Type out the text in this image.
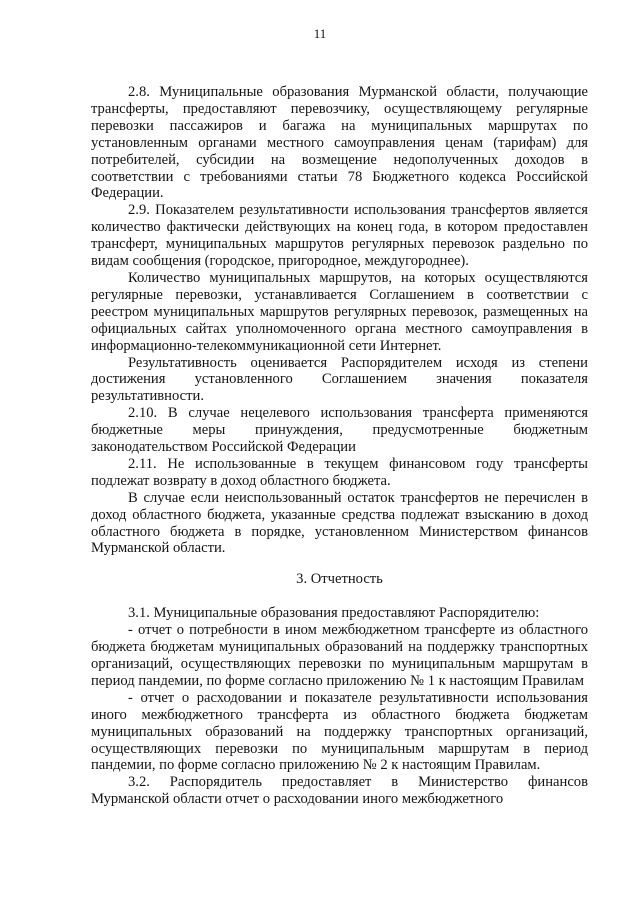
11

2.8. Муниципальные образования Мурманской области, получающие трансферты, предоставляют перевозчику, осуществляющему регулярные перевозки пассажиров и багажа на муниципальных маршрутах по установленным органами местного самоуправления ценам (тарифам) для потребителей, субсидии на возмещение недополученных доходов в соответствии с требованиями статьи 78 Бюджетного кодекса Российской Федерации.

2.9. Показателем результативности использования трансфертов является количество фактически действующих на конец года, в котором предоставлен трансферт, муниципальных маршрутов регулярных перевозок раздельно по видам сообщения (городское, пригородное, междугороднее).

Количество муниципальных маршрутов, на которых осуществляются регулярные перевозки, устанавливается Соглашением в соответствии с реестром муниципальных маршрутов регулярных перевозок, размещенных на официальных сайтах уполномоченного органа местного самоуправления в информационно-телекоммуникационной сети Интернет.

Результативность оценивается Распорядителем исходя из степени достижения установленного Соглашением значения показателя результативности.

2.10. В случае нецелевого использования трансферта применяются бюджетные меры принуждения, предусмотренные бюджетным законодательством Российской Федерации

2.11. Не использованные в текущем финансовом году трансферты подлежат возврату в доход областного бюджета.

В случае если неиспользованный остаток трансфертов не перечислен в доход областного бюджета, указанные средства подлежат взысканию в доход областного бюджета в порядке, установленном Министерством финансов Мурманской области.

3. Отчетность

3.1. Муниципальные образования предоставляют Распорядителю:

- отчет о потребности в ином межбюджетном трансферте из областного бюджета бюджетам муниципальных образований на поддержку транспортных организаций, осуществляющих перевозки по муниципальным маршрутам в период пандемии, по форме согласно приложению № 1 к настоящим Правилам

- отчет о расходовании и показателе результативности использования иного межбюджетного трансферта из областного бюджета бюджетам муниципальных образований на поддержку транспортных организаций, осуществляющих перевозки по муниципальным маршрутам в период пандемии, по форме согласно приложению № 2 к настоящим Правилам.

3.2. Распорядитель предоставляет в Министерство финансов Мурманской области отчет о расходовании иного межбюджетного
